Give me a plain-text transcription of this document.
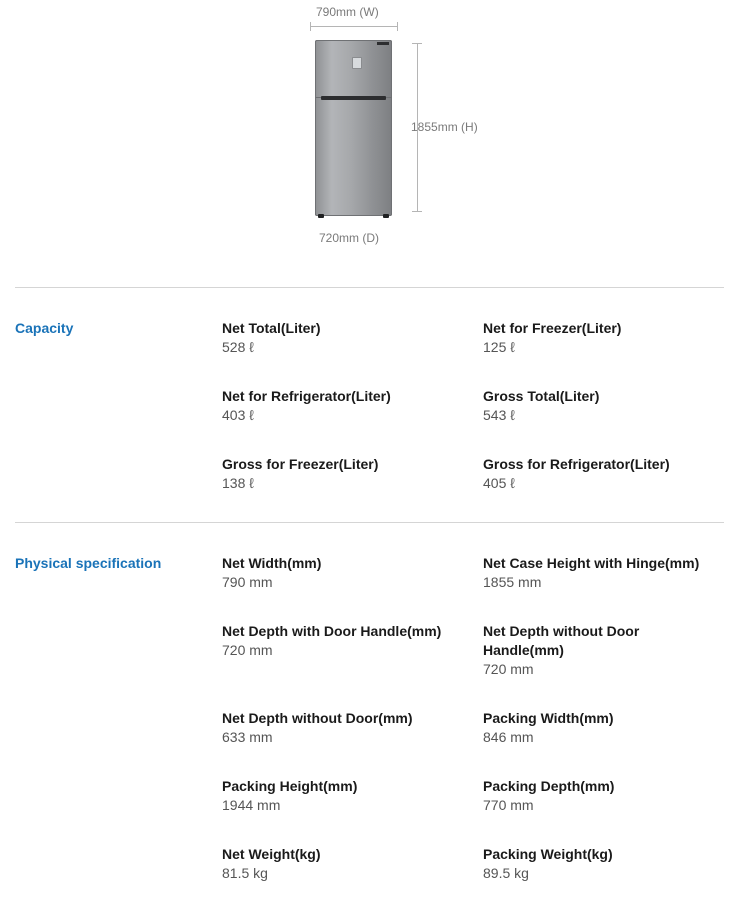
790mm (W)
1855mm (H)
720mm (D)
Capacity	Net Total(Liter)
528 ℓ
Net for Freezer(Liter)
125 ℓ
Net for Refrigerator(Liter)
403 ℓ
Gross Total(Liter)
543 ℓ
Gross for Freezer(Liter)
138 ℓ
Gross for Refrigerator(Liter)
405 ℓ
Physical specification	Net Width(mm)
790 mm
Net Case Height with Hinge(mm)
1855 mm
Net Depth with Door Handle(mm)
720 mm
Net Depth without Door Handle(mm)
720 mm
Net Depth without Door(mm)
633 mm
Packing Width(mm)
846 mm
Packing Height(mm)
1944 mm
Packing Depth(mm)
770 mm
Net Weight(kg)
81.5 kg
Packing Weight(kg)
89.5 kg
